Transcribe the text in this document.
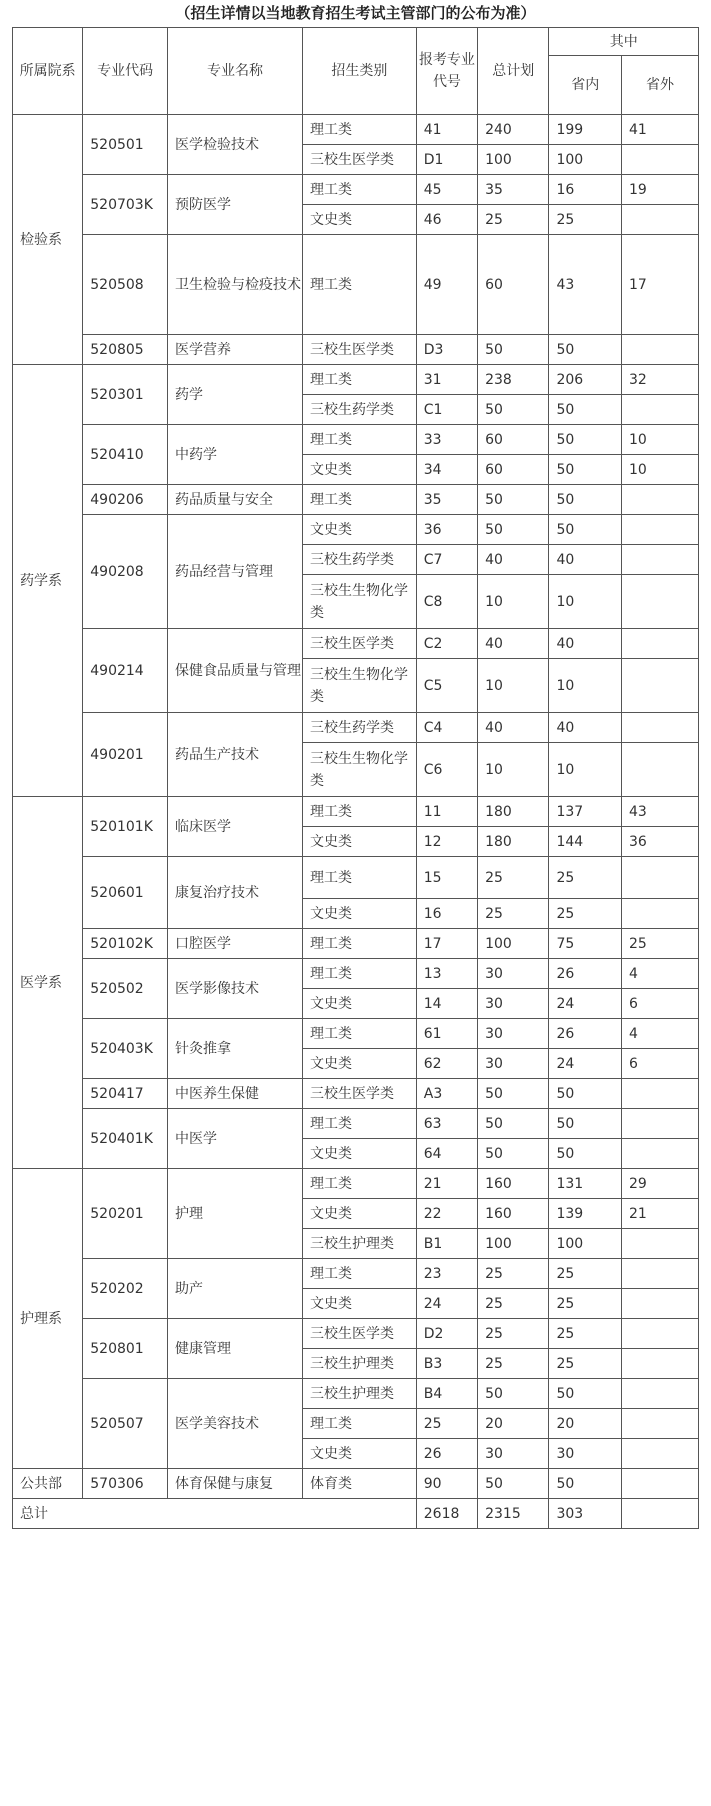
（招生详情以当地教育招生考试主管部门的公布为准）
所属院系	专业代码	专业名称	招生类别	报考专业代号	总计划	其中	
						省内	省外
检验系	520501	医学检验技术	理工类	41	240	199	41
			三校生医学类	D1	100	100	
	520703K	预防医学	理工类	45	35	16	19
			文史类	46	25	25	
	520508	卫生检验与检疫技术	理工类	49	60	43	17
	520805	医学营养	三校生医学类	D3	50	50	
药学系	520301	药学	理工类	31	238	206	32
			三校生药学类	C1	50	50	
	520410	中药学	理工类	33	60	50	10
			文史类	34	60	50	10
	490206	药品质量与安全	理工类	35	50	50	
	490208	药品经营与管理	文史类	36	50	50	
			三校生药学类	C7	40	40	
			三校生生物化学类	C8	10	10	
	490214	保健食品质量与管理	三校生医学类	C2	40	40	
			三校生生物化学类	C5	10	10	
	490201	药品生产技术	三校生药学类	C4	40	40	
			三校生生物化学类	C6	10	10	
医学系	520101K	临床医学	理工类	11	180	137	43
			文史类	12	180	144	36
	520601	康复治疗技术	理工类	15	25	25	
			文史类	16	25	25	
	520102K	口腔医学	理工类	17	100	75	25
	520502	医学影像技术	理工类	13	30	26	4
			文史类	14	30	24	6
	520403K	针灸推拿	理工类	61	30	26	4
			文史类	62	30	24	6
	520417	中医养生保健	三校生医学类	A3	50	50	
	520401K	中医学	理工类	63	50	50	
			文史类	64	50	50	
护理系	520201	护理	理工类	21	160	131	29
			文史类	22	160	139	21
			三校生护理类	B1	100	100	
	520202	助产	理工类	23	25	25	
			文史类	24	25	25	
	520801	健康管理	三校生医学类	D2	25	25	
			三校生护理类	B3	25	25	
	520507	医学美容技术	三校生护理类	B4	50	50	
			理工类	25	20	20	
			文史类	26	30	30	
公共部	570306	体育保健与康复	体育类	90	50	50	
总计				2618	2315	303	
